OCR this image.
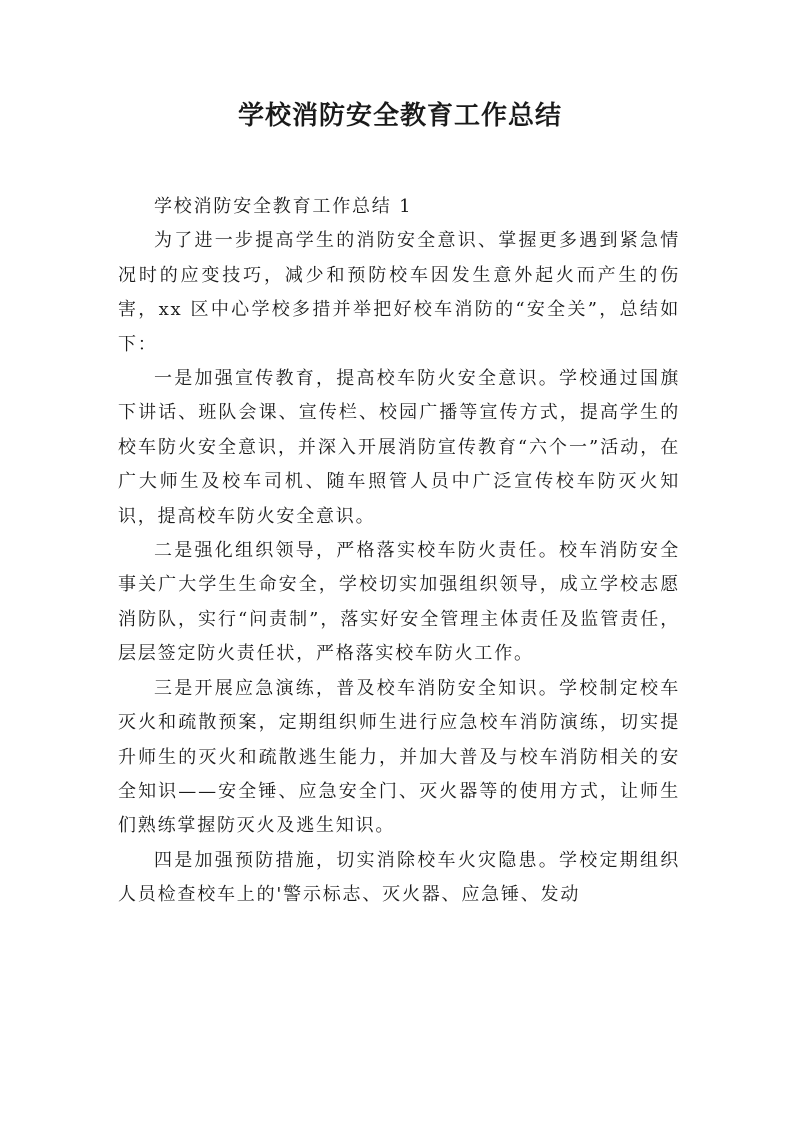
学校消防安全教育工作总结

学校消防安全教育工作总结 1

为了进一步提高学生的消防安全意识、掌握更多遇到紧急情况时的应变技巧，减少和预防校车因发生意外起火而产生的伤害，xx 区中心学校多措并举把好校车消防的“安全关”，总结如下：

一是加强宣传教育，提高校车防火安全意识。学校通过国旗下讲话、班队会课、宣传栏、校园广播等宣传方式，提高学生的校车防火安全意识，并深入开展消防宣传教育“六个一”活动，在广大师生及校车司机、随车照管人员中广泛宣传校车防灭火知识，提高校车防火安全意识。

二是强化组织领导，严格落实校车防火责任。校车消防安全事关广大学生生命安全，学校切实加强组织领导，成立学校志愿消防队，实行“问责制”，落实好安全管理主体责任及监管责任，层层签定防火责任状，严格落实校车防火工作。

三是开展应急演练，普及校车消防安全知识。学校制定校车灭火和疏散预案，定期组织师生进行应急校车消防演练，切实提升师生的灭火和疏散逃生能力，并加大普及与校车消防相关的安全知识——安全锤、应急安全门、灭火器等的使用方式，让师生们熟练掌握防灭火及逃生知识。

四是加强预防措施，切实消除校车火灾隐患。学校定期组织人员检查校车上的'警示标志、灭火器、应急锤、发动
